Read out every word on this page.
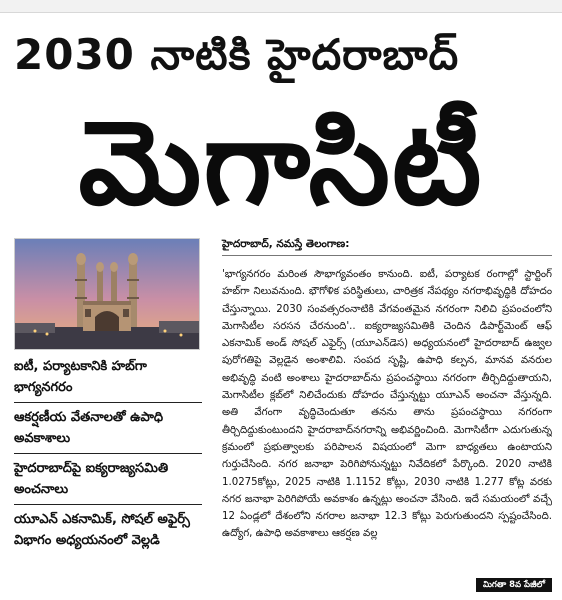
2030 నాటికి హైదరాబాద్
మెగాసిటీ
ఐటీ, పర్యాటకానికి హబ్‌గా భాగ్యనగరం
ఆకర్షణీయ వేతనాలతో ఉపాధి అవకాశాలు
హైదరాబాద్‌పై ఐక్యరాజ్యసమితి అంచనాలు
యూఎన్ ఎకనామిక్, సోషల్ అఫైర్స్ విభాగం అధ్యయనంలో వెల్లడి
హైదరాబాద్, నమస్తే తెలంగాణ:
'భాగ్యనగరం మరింత సౌభాగ్యవంతం కానుంది. ఐటీ, పర్యాటక రంగాల్లో స్టార్టింగ్ హబ్‌గా నిలువనుంది. భౌగోళిక పరిస్థితులు, చారిత్రక నేపథ్యం నగరాభివృద్ధికి దోహదం చేస్తున్నాయి. 2030 సంవత్సరంనాటికి వేగవంతమైన నగరంగా నిలిచి ప్రపంచంలోని మెగాసిటీల సరసన చేరనుంది'.. ఐక్యరాజ్యసమితికి చెందిన డిపార్ట్‌మెంట్ ఆఫ్ ఎకనామిక్ అండ్ సోషల్ ఎఫైర్స్ (యూఎన్‌డెస) అధ్యయనంలో హైదరాబాద్ ఉజ్వల పురోగతిపై వెల్లడైన అంశాలివి. సంపద సృష్టి, ఉపాధి కల్పన, మానవ వనరుల అభివృద్ధి వంటి అంశాలు హైదరాబాద్‌ను ప్రపంచస్థాయి నగరంగా తీర్చిదిద్దుతాయని, మెగాసిటీల క్లబ్‌లో నిలిచేందుకు దోహదం చేస్తున్నట్టు యూఎన్ అంచనా వేస్తున్నది. అతి వేగంగా వృద్ధిచెందుతూ తనను తాను ప్రపంచస్థాయి నగరంగా తీర్చిదిద్దుకుంటుందని హైదరాబాద్‌నగరాన్ని అభివర్ణించింది. మెగాసిటీగా ఎదుగుతున్న క్రమంలో ప్రభుత్వాలకు పరిపాలన విషయంలో మెగా బాధ్యతలు ఉంటాయని గుర్తుచేసింది. నగర జనాభా పెరిగిపోనున్నట్టు నివేదికలో పేర్కొంది. 2020 నాటికి 1.0275కోట్లు, 2025 నాటికి 1.1152 కోట్లు, 2030 నాటికి 1.277 కోట్ల వరకు నగర జనాభా పెరిగిపోయే అవకాశం ఉన్నట్లు అంచనా వేసింది. ఇదే సమయంలో వచ్చే 12 ఏండ్లలో దేశంలోని నగరాల జనాభా 12.3 కోట్లు పెరుగుతుందని స్పష్టంచేసింది. ఉద్యోగ, ఉపాధి అవకాశాలు ఆకర్షణ వల్ల
మిగతా 8వ పేజీలో
